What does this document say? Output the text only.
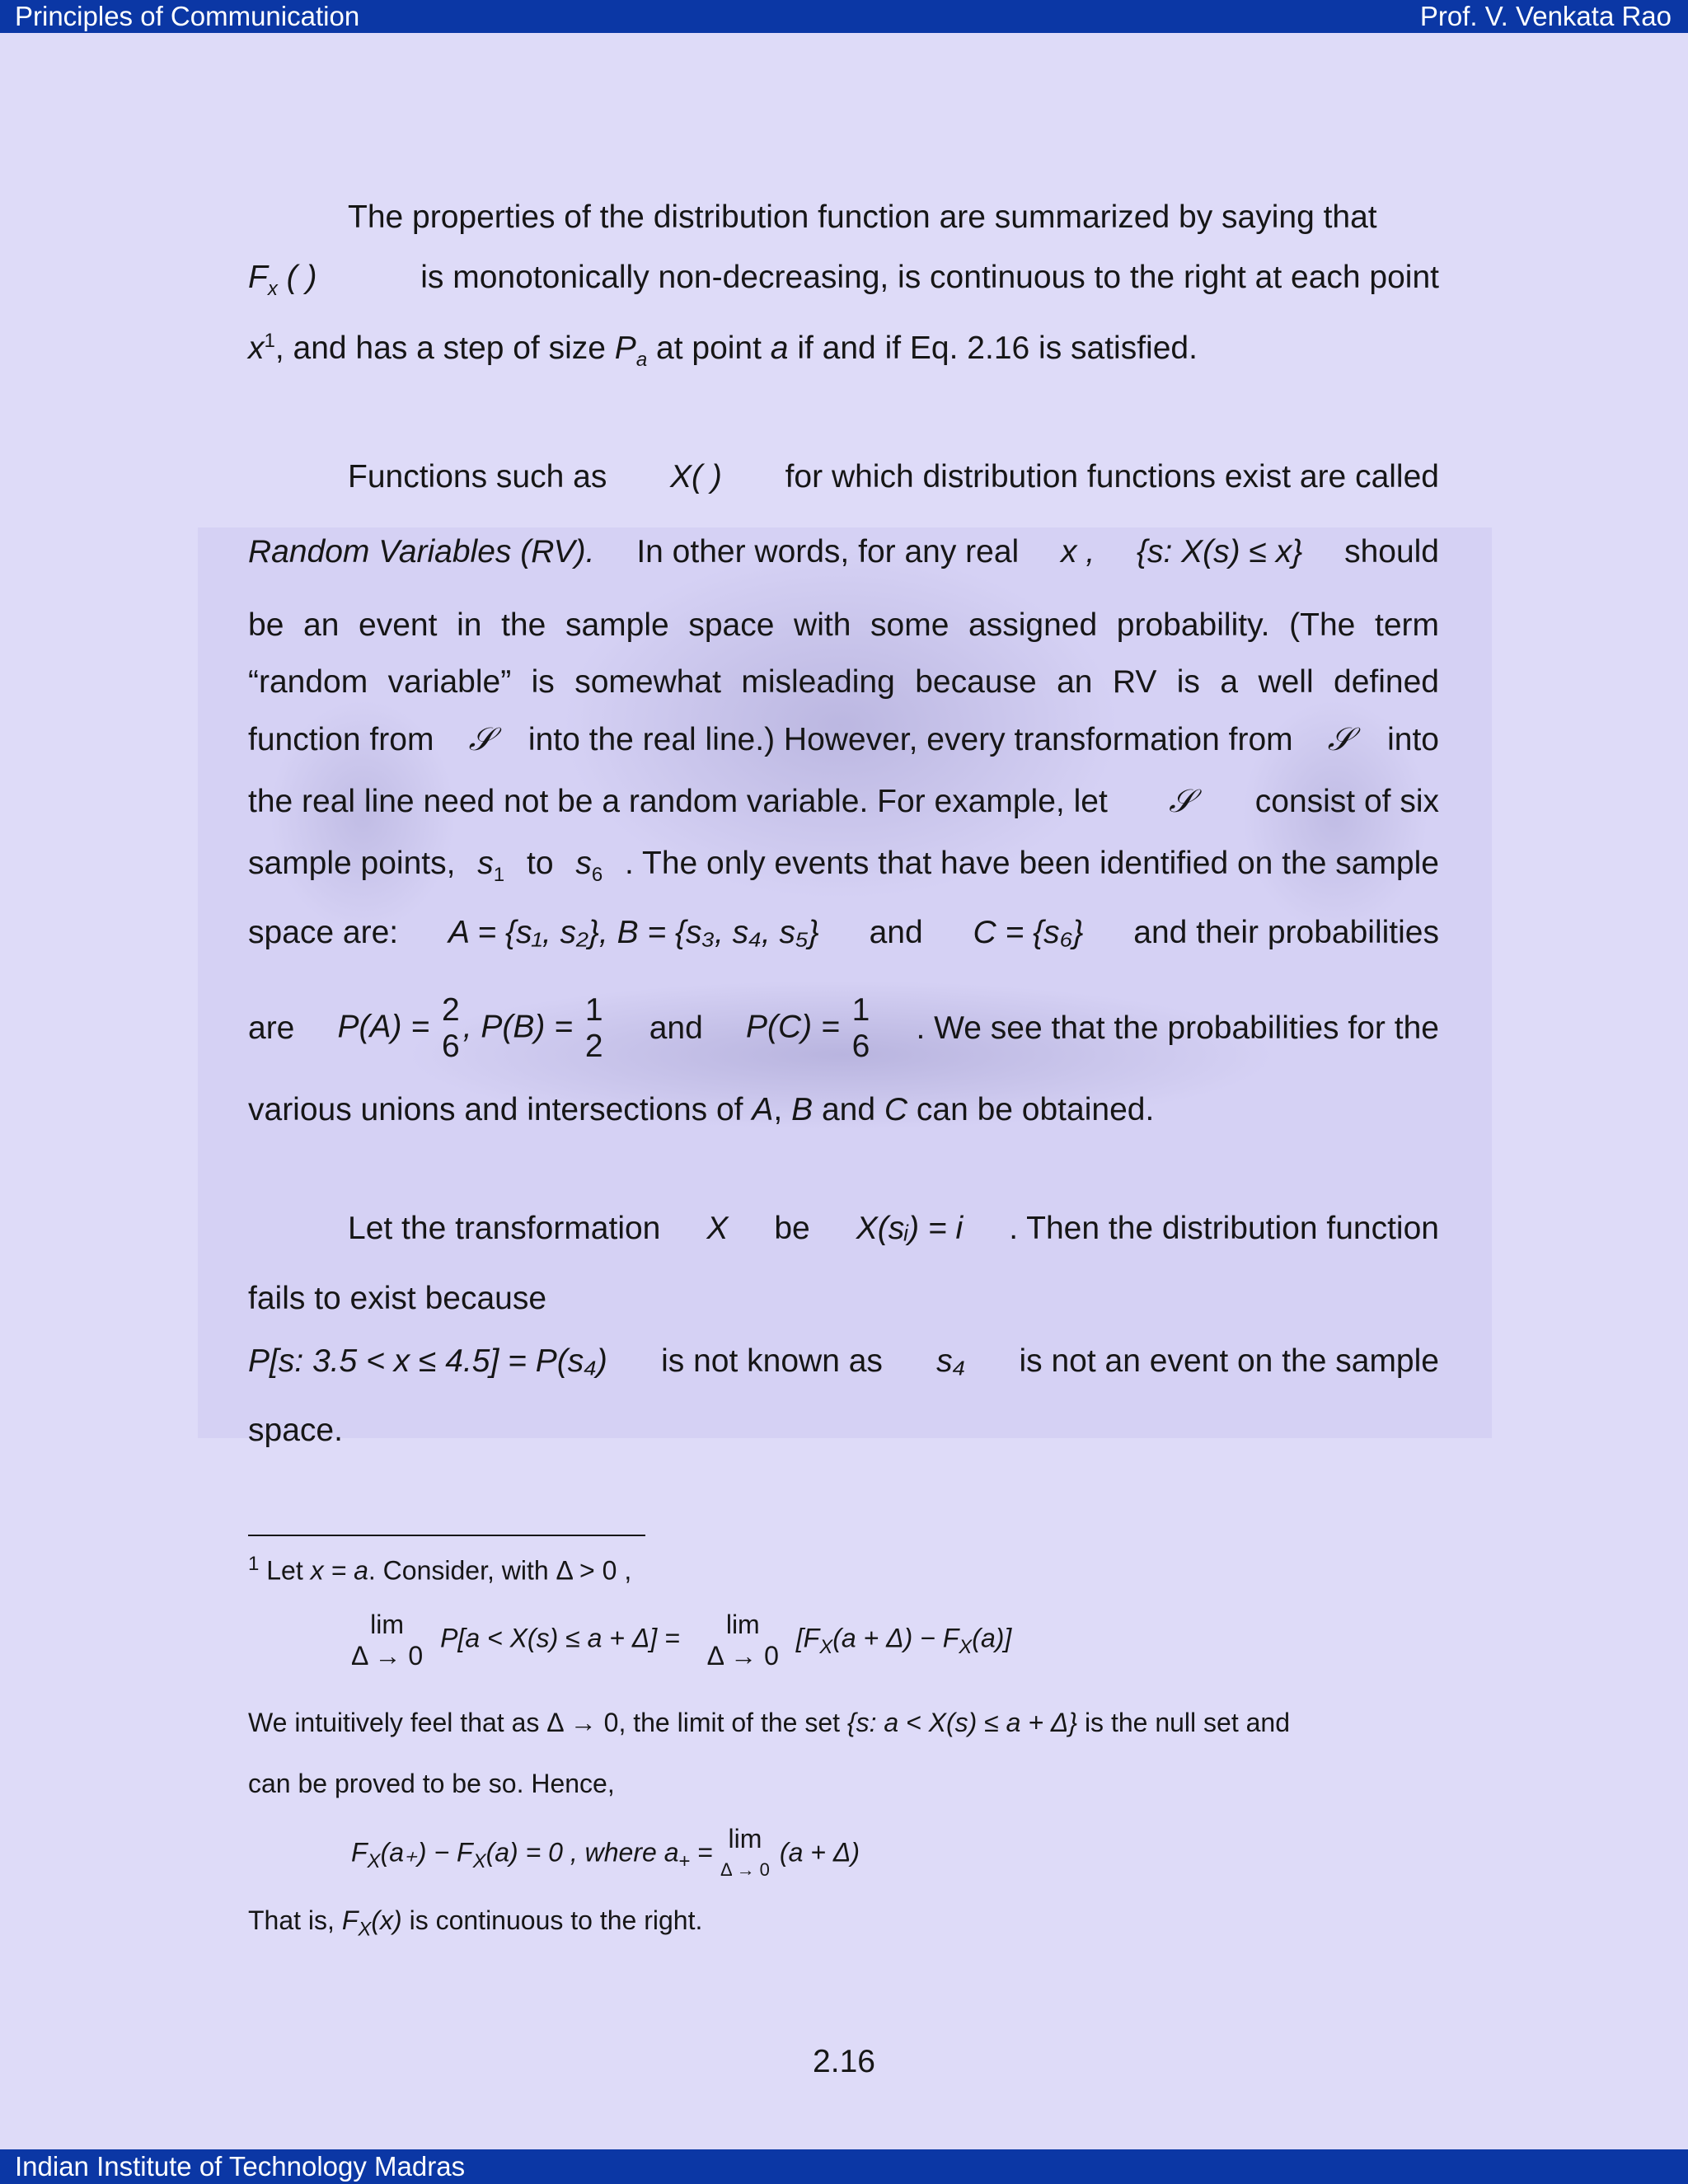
Principles of Communication	Prof. V. Venkata Rao
The properties of the distribution function are summarized by saying that
$F_x$ ( )	is monotonically non-decreasing, is continuous to the right at each point
$x^1$, and has a step of size $P_a$ at point a if and if Eq. 2.16 is satisfied.
Functions such as X( ) for which distribution functions exist are called
Random Variables (RV). In other words, for any real x , {s: X(s) ≤ x} should
be an event in the sample space with some assigned probability. (The term
“random variable” is somewhat misleading because an RV is a well defined
function from 𝒮 into the real line.) However, every transformation from 𝒮 into
the real line need not be a random variable. For example, let 𝒮 consist of six
sample points, $s_1$ to $s_6$ . The only events that have been identified on the sample
space are: A = {s₁, s₂}, B = {s₃, s₄, s₅} and C = {s₆} and their probabilities
are P(A) = 2
6
, P(B) = 1
2
and P(C) = 1
6
. We see that the probabilities for the
various unions and intersections of A, B and C can be obtained.
Let the transformation X be X(sᵢ) = i . Then the distribution function
fails to exist because
P[s: 3.5 < x ≤ 4.5] = P(s₄) is not known as s₄ is not an event on the sample
space.
$^1$ Let x = a. Consider, with Δ > 0 ,
lim
Δ → 0
P[a < X(s) ≤ a + Δ] =	lim
Δ → 0
$[F_X(a + \Delta) - F_X(a)]$
We intuitively feel that as Δ → 0, the limit of the set {s: a < X(s) ≤ a + Δ} is the null set and
can be proved to be so. Hence,
$F_X(a_+) - F_X(a) = 0$ , where $a_+ = \lim$
Δ → 0
(a + Δ)
That is, $F_X(x)$ is continuous to the right.
2.16
Indian Institute of Technology Madras
